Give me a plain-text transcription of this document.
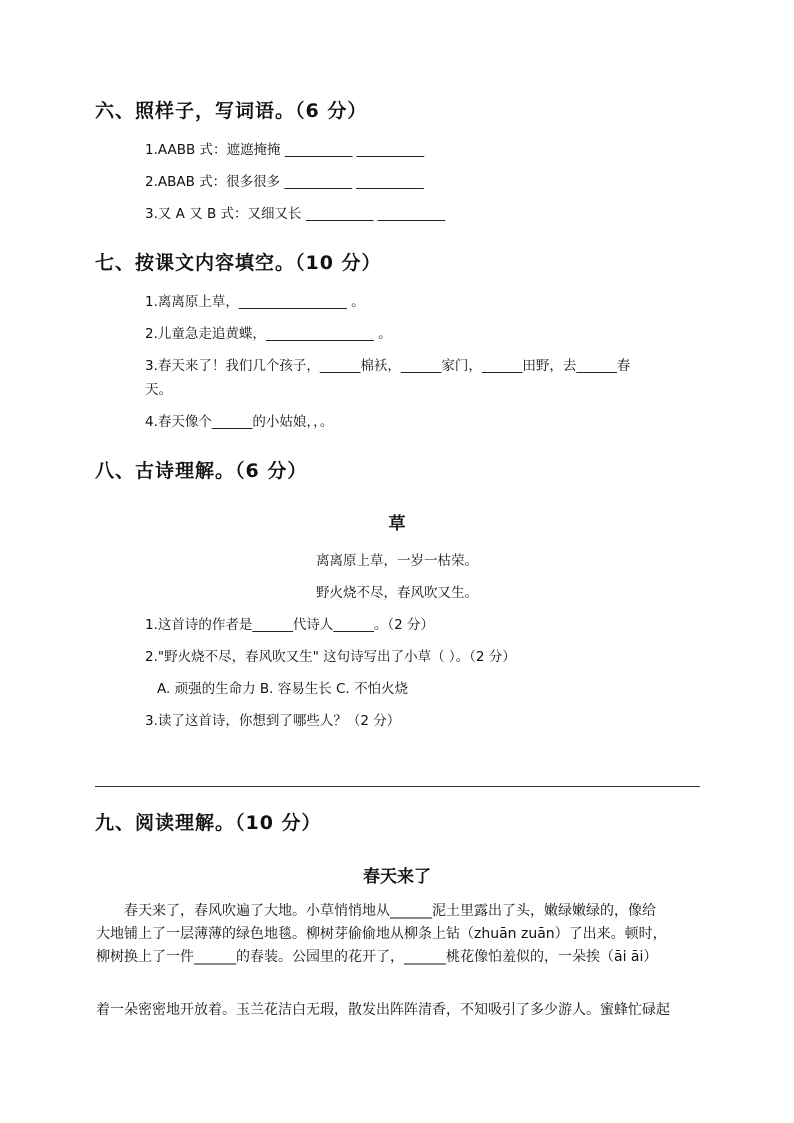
六、照样子，写词语。（6 分）
1.AABB 式：遮遮掩掩 __________ __________
2.ABAB 式：很多很多 __________ __________
3.又 A 又 B 式：又细又长 __________ __________
七、按课文内容填空。（10 分）
1.离离原上草，________________ 。
2.儿童急走追黄蝶，________________ 。
3.春天来了！我们几个孩子，______棉袄，______家门，______田野，去______春
天。
4.春天像个______的小姑娘，，。
八、古诗理解。（6 分）
草
离离原上草，一岁一枯荣。
野火烧不尽，春风吹又生。
1.这首诗的作者是______代诗人______。（2 分）
2."野火烧不尽，春风吹又生" 这句诗写出了小草（ ）。（2 分）
A. 顽强的生命力 B. 容易生长 C. 不怕火烧
3.读了这首诗，你想到了哪些人？（2 分）
九、阅读理解。（10 分）
春天来了
春天来了，春风吹遍了大地。小草悄悄地从______泥土里露出了头，嫩绿嫩绿的，像给
大地铺上了一层薄薄的绿色地毯。柳树芽偷偷地从柳条上钻（zhuān zuān）了出来。顿时，
柳树换上了一件______的春装。公园里的花开了，______桃花像怕羞似的，一朵挨（āi āi）
着一朵密密地开放着。玉兰花洁白无瑕，散发出阵阵清香，不知吸引了多少游人。蜜蜂忙碌起
